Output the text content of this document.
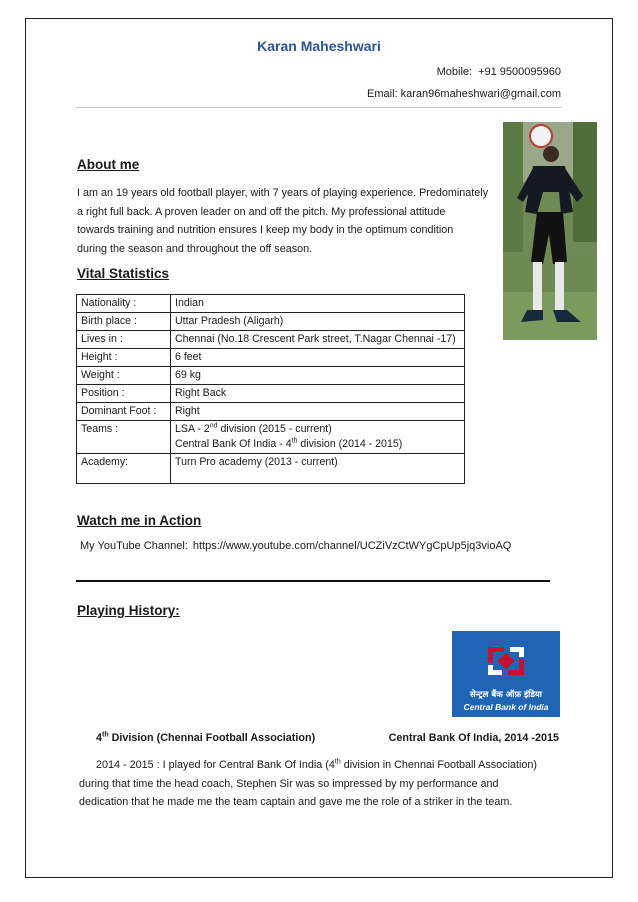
Karan Maheshwari
Mobile: +91 9500095960
Email: karan96maheshwari@gmail.com
About me
I am an 19 years old football player, with 7 years of playing experience. Predominately
a right full back. A proven leader on and off the pitch. My professional attitude
towards training and nutrition ensures I keep my body in the optimum condition
during the season and throughout the off season.
Vital Statistics
Nationality :	Indian
Birth place :	Uttar Pradesh (Aligarh)
Lives in :	Chennai (No.18 Crescent Park street, T.Nagar Chennai -17)
Height :	6 feet
Weight :	69 kg
Position :	Right Back
Dominant Foot :	Right
Teams :	LSA - 2nd division (2015 - current)
Central Bank Of India - 4th division (2014 - 2015)

Academy:	Turn Pro academy (2013 - current)
Watch me in Action
My YouTube Channel: https://www.youtube.com/channel/UCZiVzCtWYgCpUp5jq3vioAQ
Playing History:
सेन्ट्रल बैंक ऑफ़ इंडिया
Central Bank of India
4th Division (Chennai Football Association)	Central Bank Of India, 2014 -2015
2014 - 2015 : I played for Central Bank Of India (4th division in Chennai Football Association)
during that time the head coach, Stephen Sir was so impressed by my performance and
dedication that he made me the team captain and gave me the role of a striker in the team.
